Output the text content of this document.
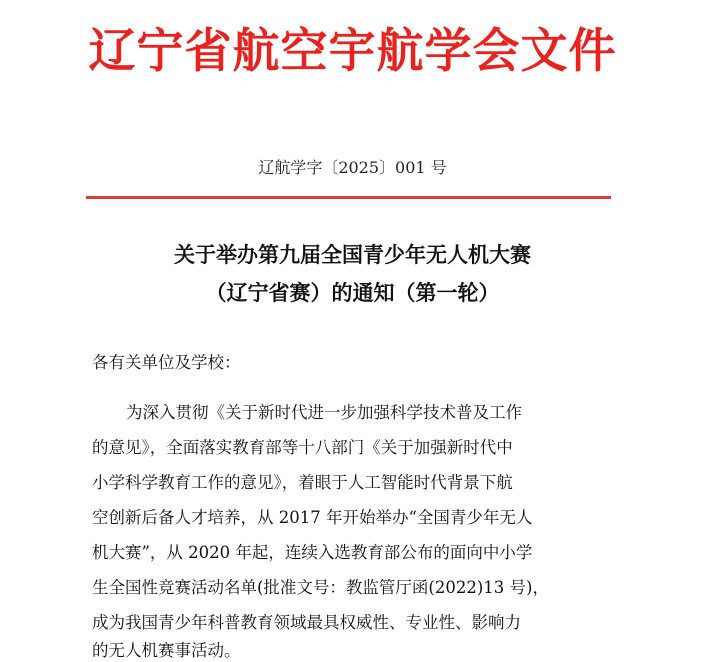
辽宁省航空宇航学会文件
辽航学字〔2025〕001 号
关于举办第九届全国青少年无人机大赛
（辽宁省赛）的通知（第一轮）
各有关单位及学校：
为深入贯彻《关于新时代进一步加强科学技术普及工作
的意见》，全面落实教育部等十八部门《关于加强新时代中
小学科学教育工作的意见》，着眼于人工智能时代背景下航
空创新后备人才培养，从 2017 年开始举办“全国青少年无人
机大赛”，从 2020 年起，连续入选教育部公布的面向中小学
生全国性竞赛活动名单(批准文号：教监管厅函(2022)13 号)，
成为我国青少年科普教育领域最具权威性、专业性、影响力
的无人机赛事活动。
